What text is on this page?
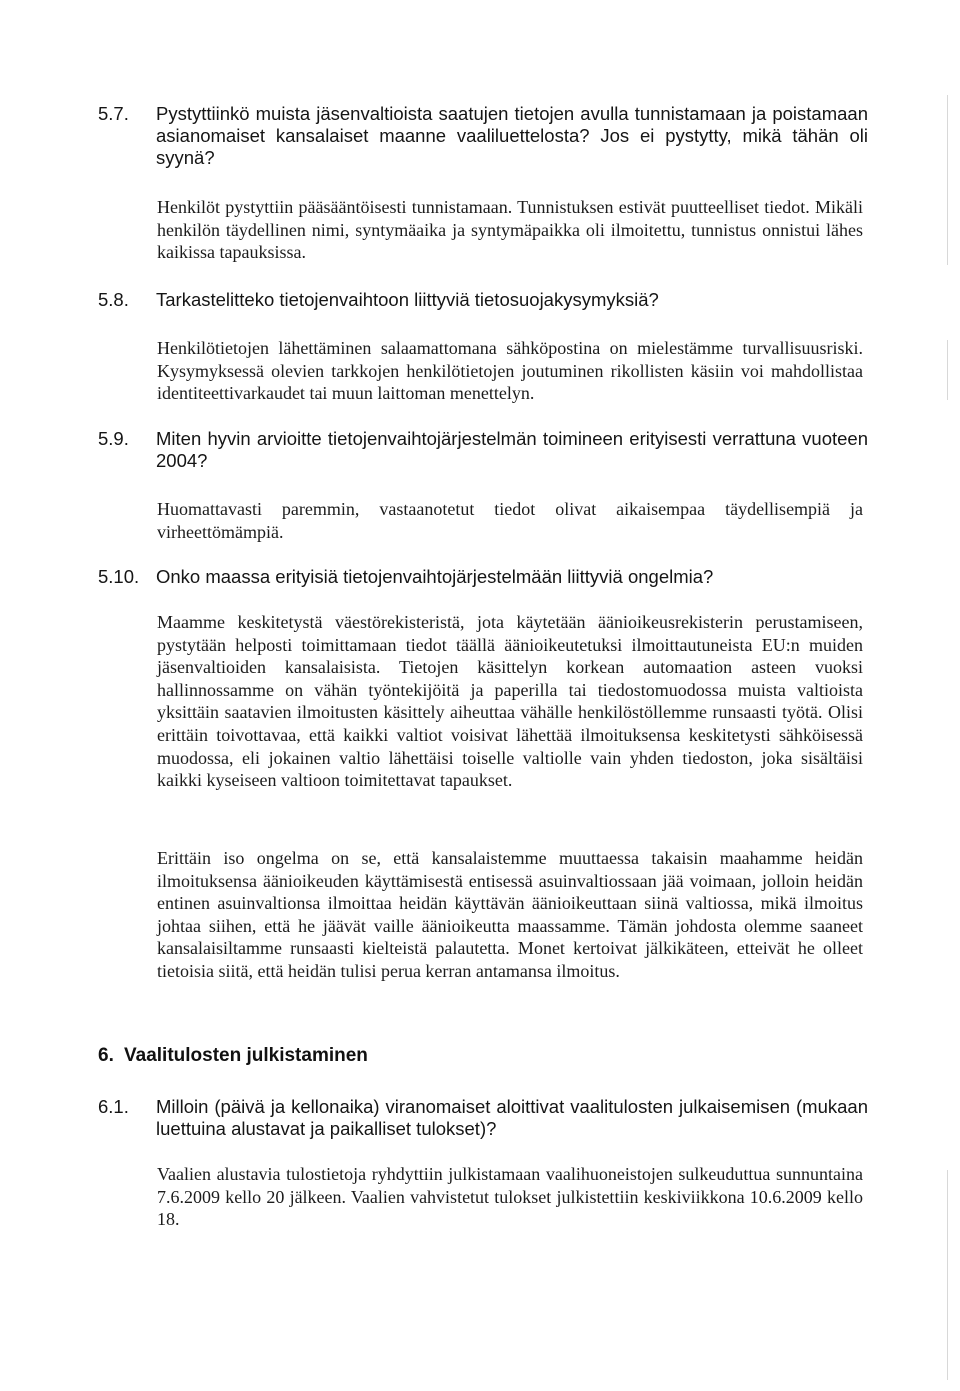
5.7. Pystyttiinkö muista jäsenvaltioista saatujen tietojen avulla tunnistamaan ja poistamaan asianomaiset kansalaiset maanne vaaliluettelosta? Jos ei pystytty, mikä tähän oli syynä?
Henkilöt pystyttiin pääsääntöisesti tunnistamaan. Tunnistuksen estivät puutteelliset tiedot. Mikäli henkilön täydellinen nimi, syntymäaika ja syntymäpaikka oli ilmoitettu, tunnistus onnistui lähes kaikissa tapauksissa.
5.8. Tarkastelitteko tietojenvaihtoon liittyviä tietosuojakysymyksiä?
Henkilötietojen lähettäminen salaamattomana sähköpostina on mielestämme turvallisuusriski. Kysymyksessä olevien tarkkojen henkilötietojen joutuminen rikollisten käsiin voi mahdollistaa identiteettivarkaudet tai muun laittoman menettelyn.
5.9. Miten hyvin arvioitte tietojenvaihtojärjestelmän toimineen erityisesti verrattuna vuoteen 2004?
Huomattavasti paremmin, vastaanotetut tiedot olivat aikaisempaa täydellisempiä ja virheettömämpiä.
5.10. Onko maassa erityisiä tietojenvaihtojärjestelmään liittyviä ongelmia?
Maamme keskitetystä väestörekisteristä, jota käytetään äänioikeusrekisterin perustamiseen, pystytään helposti toimittamaan tiedot täällä äänioikeutetuksi ilmoittautuneista EU:n muiden jäsenvaltioiden kansalaisista. Tietojen käsittelyn korkean automaation asteen vuoksi hallinnossamme on vähän työntekijöitä ja paperilla tai tiedostomuodossa muista valtioista yksittäin saatavien ilmoitusten käsittely aiheuttaa vähälle henkilöstöllemme runsaasti työtä. Olisi erittäin toivottavaa, että kaikki valtiot voisivat lähettää ilmoituksensa keskitetysti sähköisessä muodossa, eli jokainen valtio lähettäisi toiselle valtiolle vain yhden tiedoston, joka sisältäisi kaikki kyseiseen valtioon toimitettavat tapaukset.
Erittäin iso ongelma on se, että kansalaistemme muuttaessa takaisin maahamme heidän ilmoituksensa äänioikeuden käyttämisestä entisessä asuinvaltiossaan jää voimaan, jolloin heidän entinen asuinvaltionsa ilmoittaa heidän käyttävän äänioikeuttaan siinä valtiossa, mikä ilmoitus johtaa siihen, että he jäävät vaille äänioikeutta maassamme. Tämän johdosta olemme saaneet kansalaisiltamme runsaasti kielteistä palautetta. Monet kertoivat jälkikäteen, etteivät he olleet tietoisia siitä, että heidän tulisi perua kerran antamansa ilmoitus.
6. Vaalitulosten julkistaminen
6.1. Milloin (päivä ja kellonaika) viranomaiset aloittivat vaalitulosten julkaisemisen (mukaan luettuina alustavat ja paikalliset tulokset)?
Vaalien alustavia tulostietoja ryhdyttiin julkistamaan vaalihuoneistojen sulkeuduttua sunnuntaina 7.6.2009 kello 20 jälkeen. Vaalien vahvistetut tulokset julkistettiin keskiviikkona 10.6.2009 kello 18.
